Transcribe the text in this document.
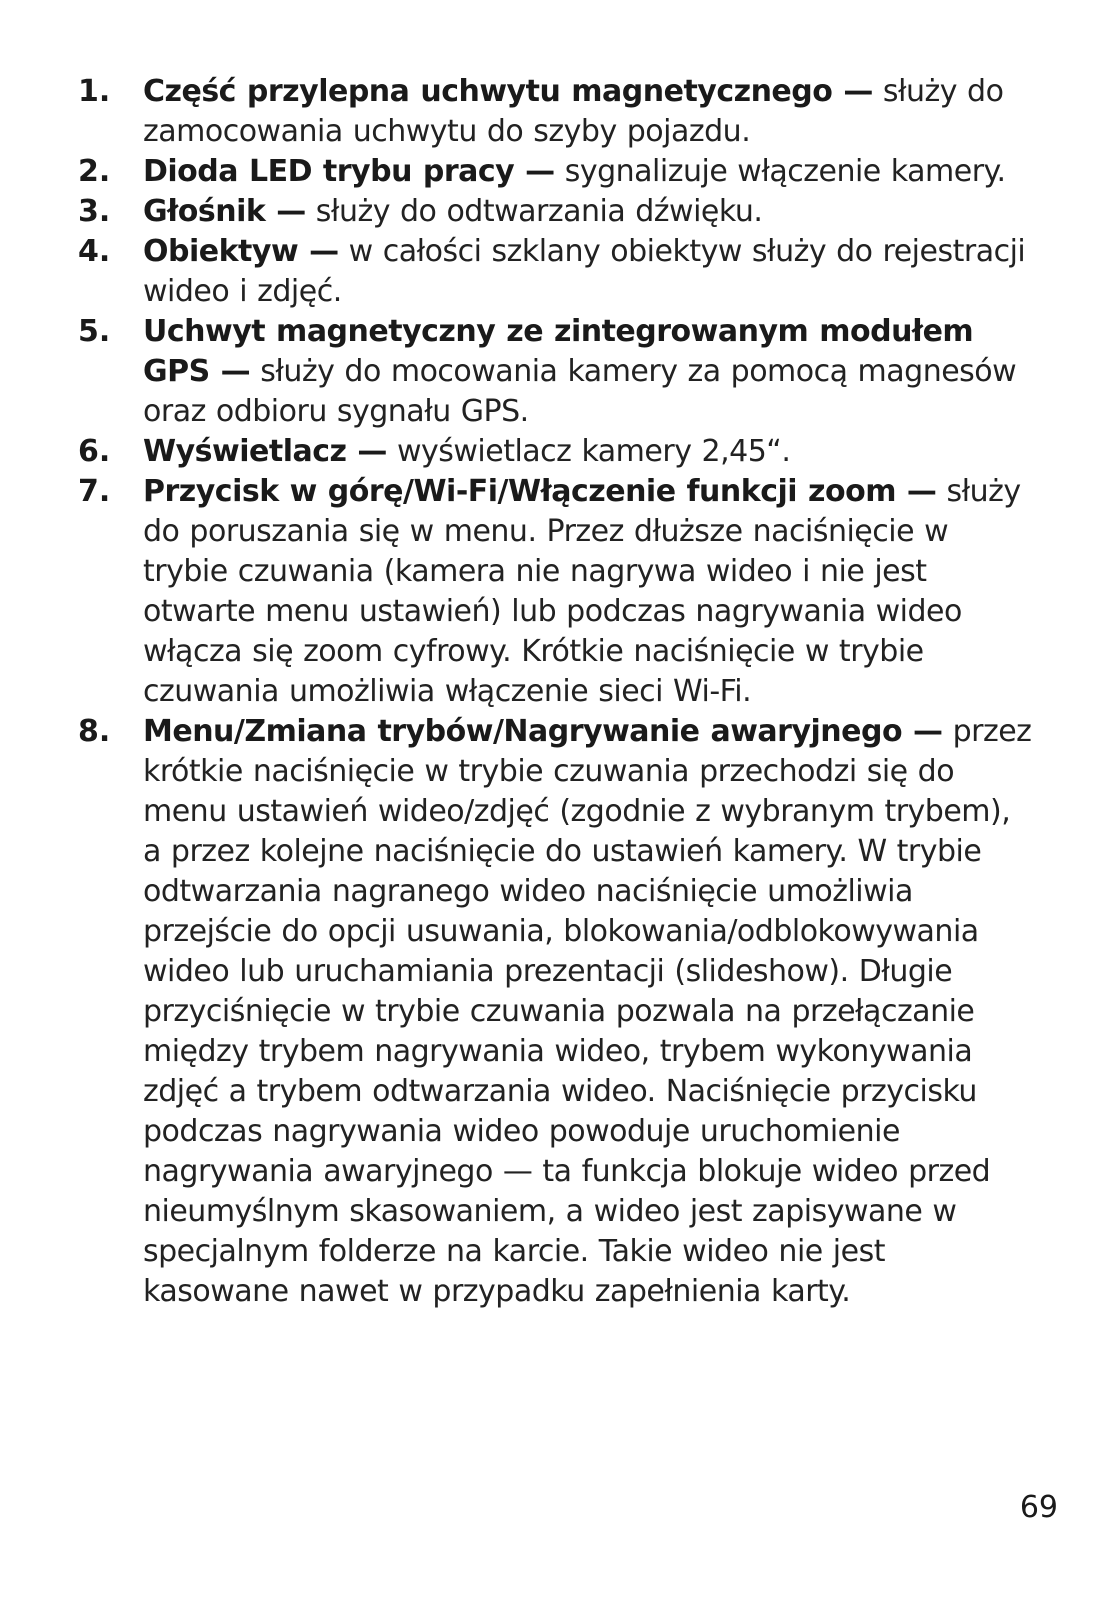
1. Część przylepna uchwytu magnetycznego — służy do zamocowania uchwytu do szyby pojazdu.
2. Dioda LED trybu pracy — sygnalizuje włączenie kamery.
3. Głośnik — służy do odtwarzania dźwięku.
4. Obiektyw — w całości szklany obiektyw służy do rejestracji wideo i zdjęć.
5. Uchwyt magnetyczny ze zintegrowanym modułem GPS — służy do mocowania kamery za pomocą magnesów oraz odbioru sygnału GPS.
6. Wyświetlacz — wyświetlacz kamery 2,45“.
7. Przycisk w górę/Wi-Fi/Włączenie funkcji zoom — służy do poruszania się w menu. Przez dłuższe naciśnięcie w trybie czuwania (kamera nie nagrywa wideo i nie jest otwarte menu ustawień) lub podczas nagrywania wideo włącza się zoom cyfrowy. Krótkie naciśnięcie w trybie czuwania umożliwia włączenie sieci Wi-Fi.
8. Menu/Zmiana trybów/Nagrywanie awaryjnego — przez krótkie naciśnięcie w trybie czuwania przechodzi się do menu ustawień wideo/zdjęć (zgodnie z wybranym trybem), a przez kolejne naciśnięcie do ustawień kamery. W trybie odtwarzania nagranego wideo naciśnięcie umożliwia przejście do opcji usuwania, blokowania/odblokowywania wideo lub uruchamiania prezentacji (slideshow). Długie przyciśnięcie w trybie czuwania pozwala na przełączanie między trybem nagrywania wideo, trybem wykonywania zdjęć a trybem odtwarzania wideo. Naciśnięcie przycisku podczas nagrywania wideo powoduje uruchomienie nagrywania awaryjnego — ta funkcja blokuje wideo przed nieumyślnym skasowaniem, a wideo jest zapisywane w specjalnym folderze na karcie. Takie wideo nie jest kasowane nawet w przypadku zapełnienia karty.
69
